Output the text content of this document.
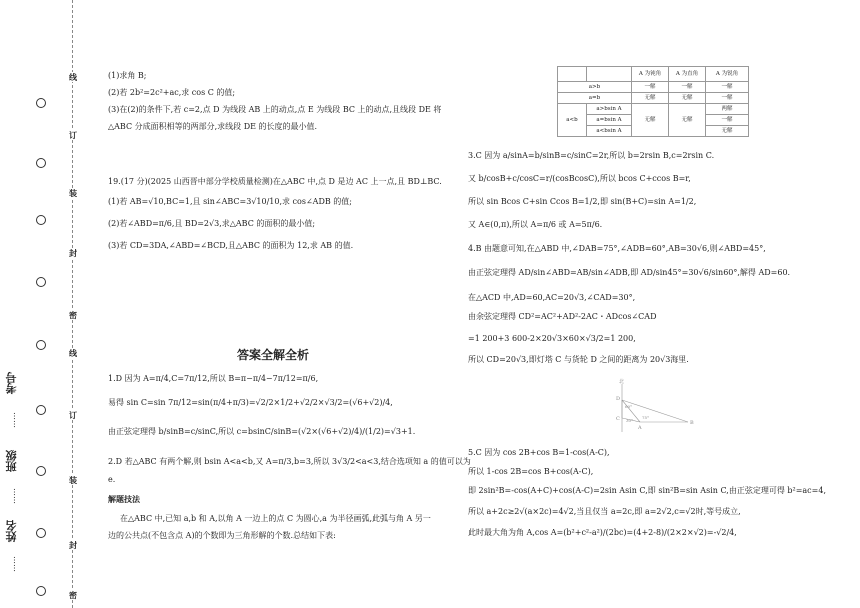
线
订
装
封
密
线
订
装
封
密
考号
……
班级
……
姓名
……
(1)求角 B;
(2)若 2b²=2c²+ac,求 cos C 的值;
(3)在(2)的条件下,若 c=2,点 D 为线段 AB 上的动点,点 E 为线段 BC 上的动点,且线段 DE 将
△ABC 分成面积相等的两部分,求线段 DE 的长度的最小值.
19.(17 分)(2025 山西晋中部分学校质量检测)在△ABC 中,点 D 是边 AC 上一点,且 BD⊥BC.
(1)若 AB=√10,BC=1,且 sin∠ABC=3√10/10,求 cos∠ADB 的值;
(2)若∠ABD=π/6,且 BD=2√3,求△ABC 的面积的最小值;
(3)若 CD=3DA,∠ABD=∠BCD,且△ABC 的面积为 12,求 AB 的值.
答案全解全析
1.D 因为 A=π/4,C=7π/12,所以 B=π−π/4−7π/12=π/6,
易得 sin C=sin 7π/12=sin(π/4+π/3)=√2/2×1/2+√2/2×√3/2=(√6+√2)/4,
由正弦定理得 b/sinB=c/sinC,所以 c=bsinC/sinB=(√2×(√6+√2)/4)/(1/2)=√3+1.
2.D 若△ABC 有两个解,则 bsin A<a<b,又 A=π/3,b=3,所以 3√3/2<a<3,结合选项知 a 的值可以为
e.
解题技法
在△ABC 中,已知 a,b 和 A,以角 A 一边上的点 C 为圆心,a 为半径画弧,此弧与角 A 另一
边的公共点(不包含点 A)的个数即为三角形解的个数.总结如下表:
		A 为钝角	A 为直角	A 为锐角
a>b		一解	一解	一解
a=b		无解	无解	一解
a<b	a>bsin A	无解	无解	两解
	a=bsin A			一解
	a<bsin A			无解
3.C 因为 a/sinA=b/sinB=c/sinC=2r,所以 b=2rsin B,c=2rsin C.
又 b/cosB+c/cosC=r/(cosBcosC),所以 bcos C+ccos B=r,
所以 sin Bcos C+sin Ccos B=1/2,即 sin(B+C)=sin A=1/2,
又 A∈(0,π),所以 A=π/6 或 A=5π/6.
4.B 由题意可知,在△ABD 中,∠DAB=75°,∠ADB=60°,AB=30√6,则∠ABD=45°,
由正弦定理得 AD/sin∠ABD=AB/sin∠ADB,即 AD/sin45°=30√6/sin60°,解得 AD=60.
在△ACD 中,AD=60,AC=20√3,∠CAD=30°,
由余弦定理得 CD²=AC²+AD²-2AC・ADcos∠CAD
=1 200+3 600-2×20√3×60×√3/2=1 200,
所以 CD=20√3,即灯塔 C 与货轮 D 之间的距离为 20√3海里.
北
D
C
A
B
60°
30°
75°
5.C 因为 cos 2B+cos B=1-cos(A-C),
所以 1-cos 2B=cos B+cos(A-C),
即 2sin²B=-cos(A+C)+cos(A-C)=2sin Asin C,即 sin²B=sin Asin C,由正弦定理可得 b²=ac=4,
所以 a+2c≥2√(a×2c)=4√2,当且仅当 a=2c,即 a=2√2,c=√2时,等号成立,
此时最大角为角 A,cos A=(b²+c²-a²)/(2bc)=(4+2-8)/(2×2×√2)=-√2/4,
